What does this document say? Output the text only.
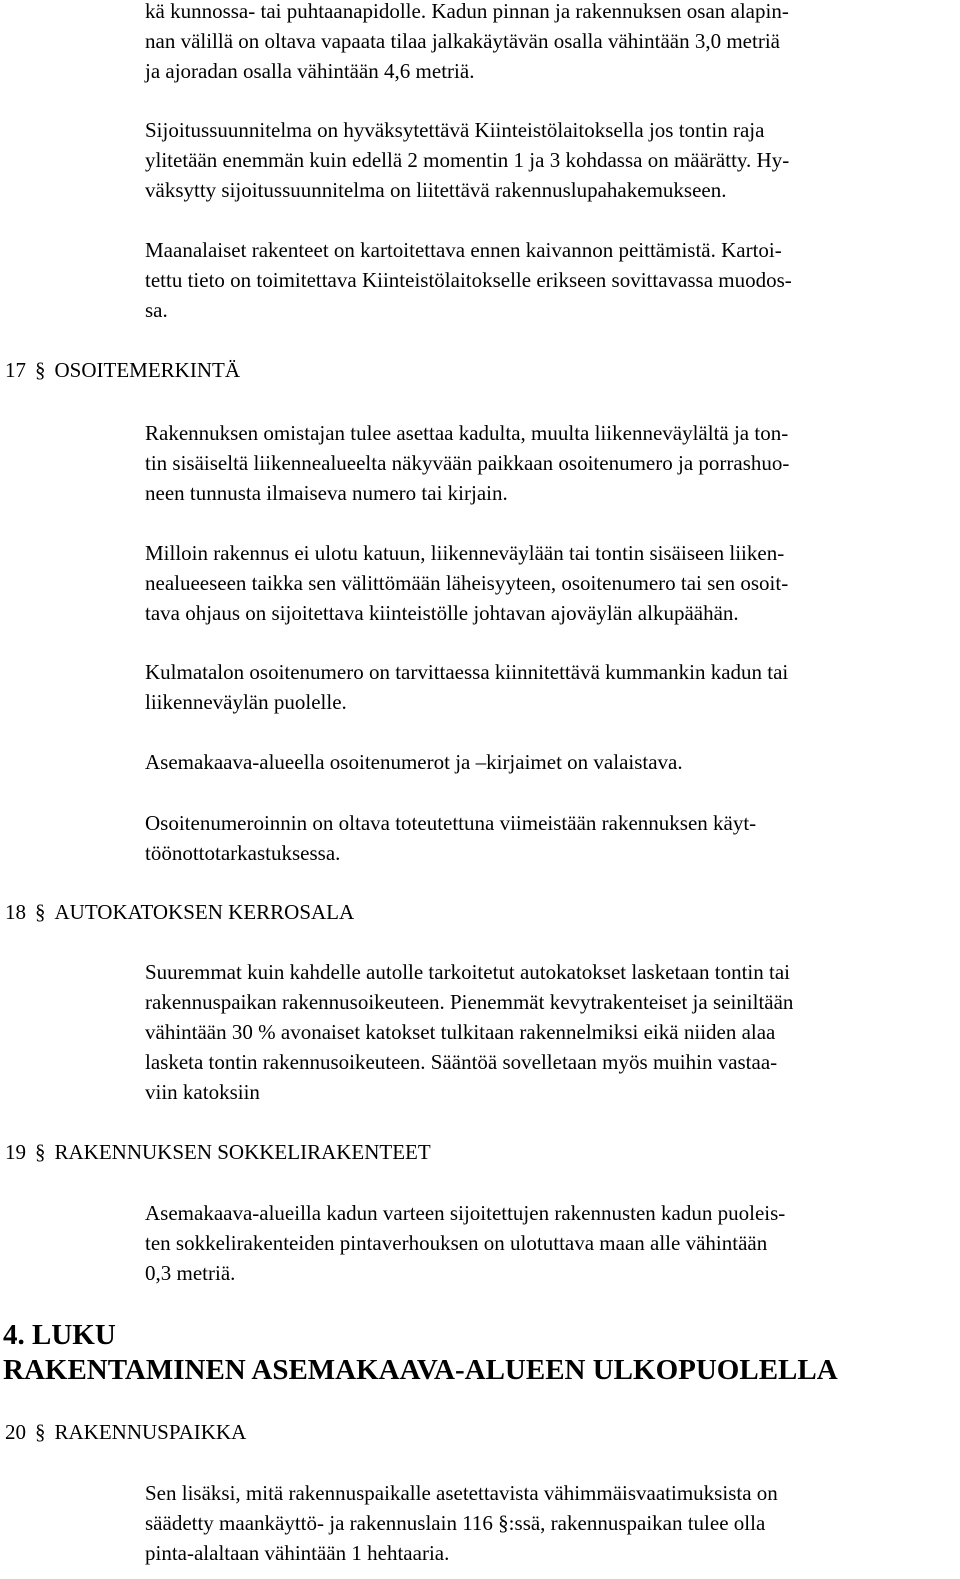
kä kunnossa- tai puhtaanapidolle. Kadun pinnan ja rakennuksen osan alapin-

nan välillä on oltava vapaata tilaa jalkakäytävän osalla vähintään 3,0 metriä

ja ajoradan osalla vähintään 4,6 metriä.

Sijoitussuunnitelma on hyväksytettävä Kiinteistölaitoksella jos tontin raja

ylitetään enemmän kuin edellä 2 momentin 1 ja 3 kohdassa on määrätty. Hy-

väksytty sijoitussuunnitelma on liitettävä rakennuslupahakemukseen.

Maanalaiset rakenteet on kartoitettava ennen kaivannon peittämistä. Kartoi-

tettu tieto on toimitettava Kiinteistölaitokselle erikseen sovittavassa muodos-

sa.

17 § OSOITEMERKINTÄ

Rakennuksen omistajan tulee asettaa kadulta, muulta liikenneväylältä ja ton-

tin sisäiseltä liikennealueelta näkyvään paikkaan osoitenumero ja porrashuo-

neen tunnusta ilmaiseva numero tai kirjain.

Milloin rakennus ei ulotu katuun, liikenneväylään tai tontin sisäiseen liiken-

nealueeseen taikka sen välittömään läheisyyteen, osoitenumero tai sen osoit-

tava ohjaus on sijoitettava kiinteistölle johtavan ajoväylän alkupäähän.

Kulmatalon osoitenumero on tarvittaessa kiinnitettävä kummankin kadun tai

liikenneväylän puolelle.

Asemakaava-alueella osoitenumerot ja –kirjaimet on valaistava.

Osoitenumeroinnin on oltava toteutettuna viimeistään rakennuksen käyt-

töönottotarkastuksessa.

18 § AUTOKATOKSEN KERROSALA

Suuremmat kuin kahdelle autolle tarkoitetut autokatokset lasketaan tontin tai

rakennuspaikan rakennusoikeuteen. Pienemmät kevytrakenteiset ja seiniltään

vähintään 30 % avonaiset katokset tulkitaan rakennelmiksi eikä niiden alaa

lasketa tontin rakennusoikeuteen. Sääntöä sovelletaan myös muihin vastaa-

viin katoksiin

19 § RAKENNUKSEN SOKKELIRAKENTEET

Asemakaava-alueilla kadun varteen sijoitettujen rakennusten kadun puoleis-

ten sokkelirakenteiden pintaverhouksen on ulotuttava maan alle vähintään

0,3 metriä.

4. LUKU
RAKENTAMINEN ASEMAKAAVA-ALUEEN ULKOPUOLELLA
20 § RAKENNUSPAIKKA

Sen lisäksi, mitä rakennuspaikalle asetettavista vähimmäisvaatimuksista on

säädetty maankäyttö- ja rakennuslain 116 §:ssä, rakennuspaikan tulee olla

pinta-alaltaan vähintään 1 hehtaaria.
